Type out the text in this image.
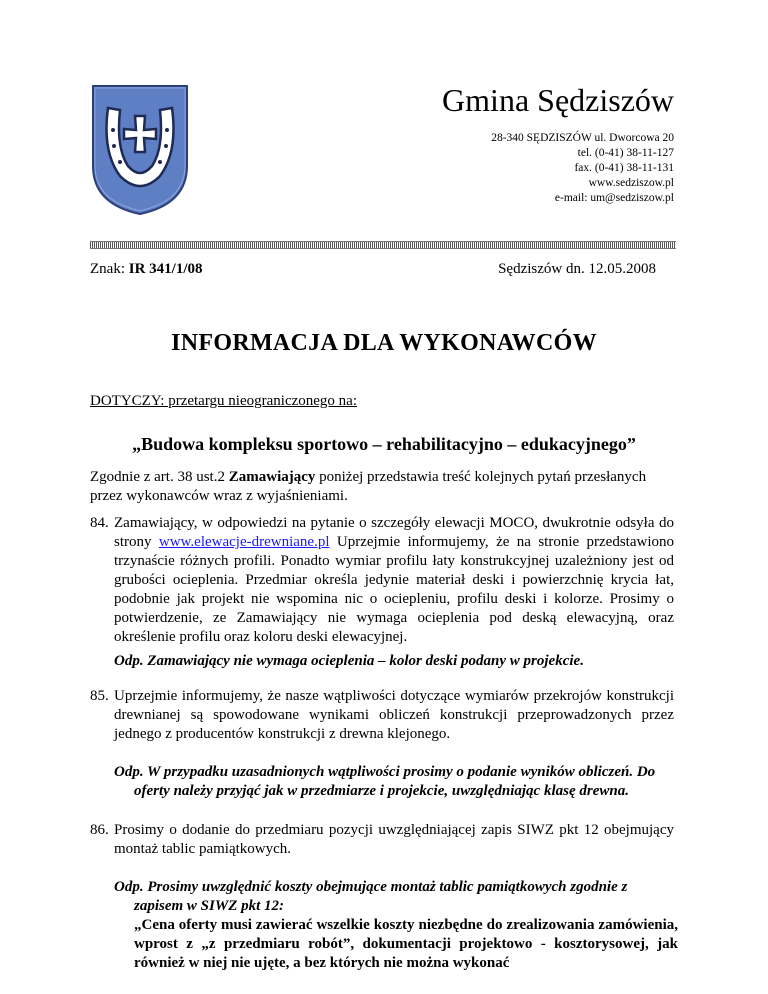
Gmina Sędziszów
28-340 SĘDZISZÓW ul. Dworcowa 20
tel. (0-41) 38-11-127
fax. (0-41) 38-11-131
www.sedziszow.pl
e-mail: um@sedziszow.pl
Znak: IR 341/1/08	Sędziszów dn. 12.05.2008
INFORMACJA DLA WYKONAWCÓW
DOTYCZY: przetargu nieograniczonego na:
„Budowa kompleksu sportowo – rehabilitacyjno – edukacyjnego”
Zgodnie z art. 38 ust.2 Zamawiający poniżej przedstawia treść kolejnych pytań przesłanych przez wykonawców wraz z wyjaśnieniami.
84. Zamawiający, w odpowiedzi na pytanie o szczegóły elewacji MOCO, dwukrotnie odsyła do strony www.elewacje-drewniane.pl Uprzejmie informujemy, że na stronie przedstawiono trzynaście różnych profili. Ponadto wymiar profilu łaty konstrukcyjnej uzależniony jest od grubości ocieplenia. Przedmiar określa jedynie materiał deski i powierzchnię krycia łat, podobnie jak projekt nie wspomina nic o ociepleniu, profilu deski i kolorze. Prosimy o potwierdzenie, ze Zamawiający nie wymaga ocieplenia pod deską elewacyjną, oraz określenie profilu oraz koloru deski elewacyjnej.
Odp. Zamawiający nie wymaga ocieplenia – kolor deski podany w projekcie.
85. Uprzejmie informujemy, że nasze wątpliwości dotyczące wymiarów przekrojów konstrukcji drewnianej są spowodowane wynikami obliczeń konstrukcji przeprowadzonych przez jednego z producentów konstrukcji z drewna klejonego.
Odp. W przypadku uzasadnionych wątpliwości prosimy o podanie wyników obliczeń. Do
oferty należy przyjąć jak w przedmiarze i projekcie, uwzględniając klasę drewna.
86. Prosimy o dodanie do przedmiaru pozycji uwzględniającej zapis SIWZ pkt 12 obejmujący montaż tablic pamiątkowych.
Odp. Prosimy uwzględnić koszty obejmujące montaż tablic pamiątkowych zgodnie z
zapisem w SIWZ pkt 12:
„Cena oferty musi zawierać wszelkie koszty niezbędne do zrealizowania zamówienia, wprost z „z przedmiaru robót”, dokumentacji projektowo - kosztorysowej, jak również w niej nie ujęte, a bez których nie można wykonać
